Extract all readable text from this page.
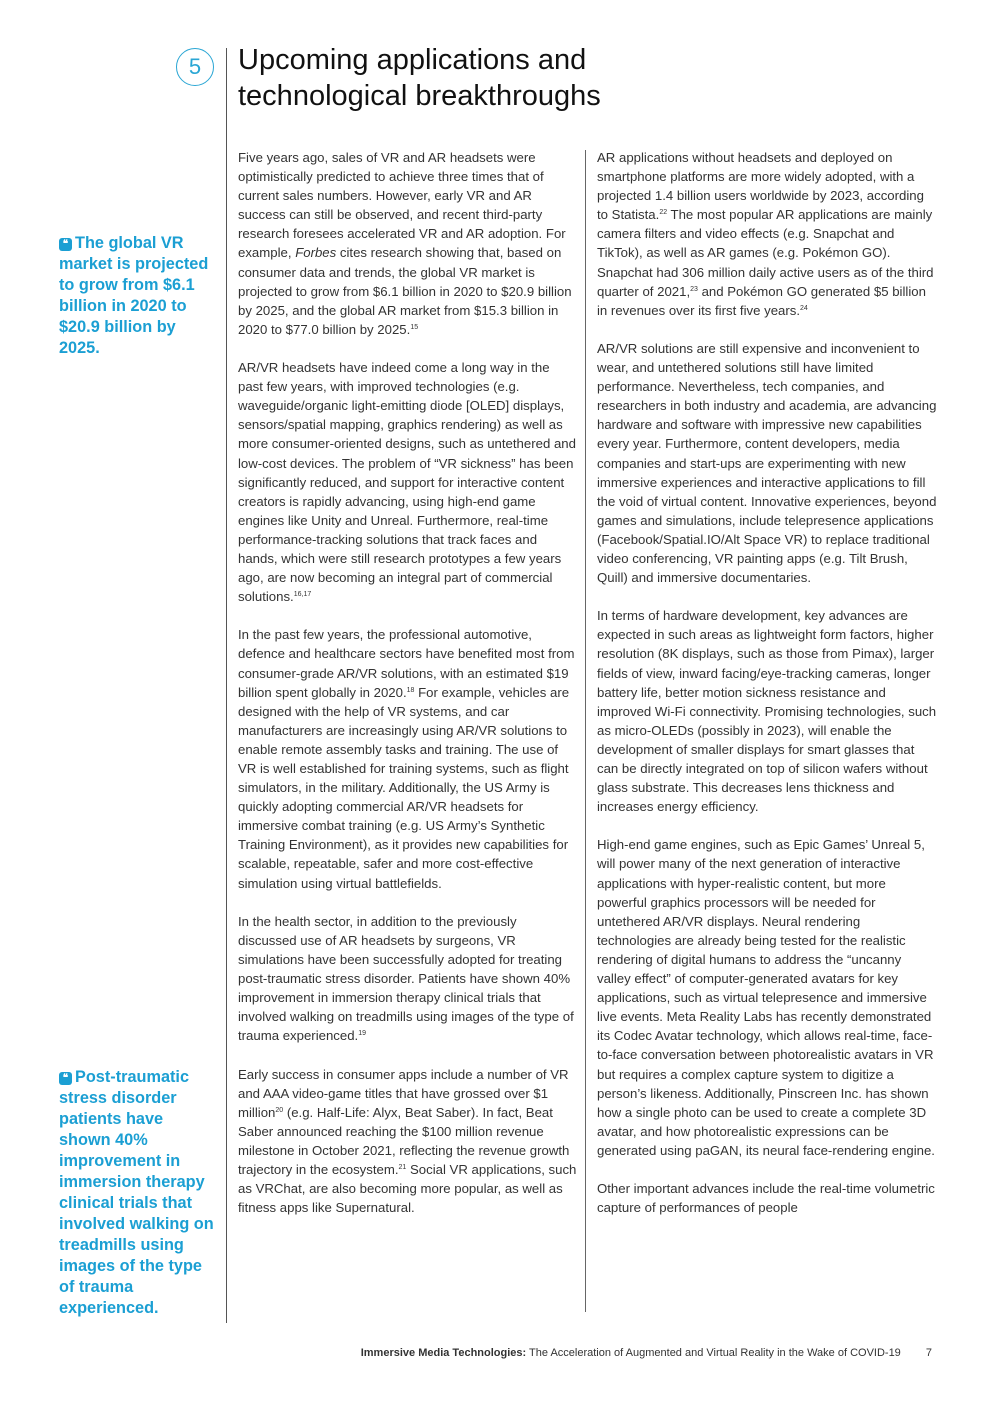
5	Upcoming applications and technological breakthroughs

❝ The global VR market is projected to grow from $6.1 billion in 2020 to $20.9 billion by 2025.

❝ Post-traumatic stress disorder patients have shown 40% improvement in immersion therapy clinical trials that involved walking on treadmills using images of the type of trauma experienced.

Five years ago, sales of VR and AR headsets were optimistically predicted to achieve three times that of current sales numbers. However, early VR and AR success can still be observed, and recent third-party research foresees accelerated VR and AR adoption. For example, Forbes cites research showing that, based on consumer data and trends, the global VR market is projected to grow from $6.1 billion in 2020 to $20.9 billion by 2025, and the global AR market from $15.3 billion in 2020 to $77.0 billion by 2025.15

AR/VR headsets have indeed come a long way in the past few years, with improved technologies (e.g. waveguide/organic light-emitting diode [OLED] displays, sensors/spatial mapping, graphics rendering) as well as more consumer-oriented designs, such as untethered and low-cost devices. The problem of “VR sickness” has been significantly reduced, and support for interactive content creators is rapidly advancing, using high-end game engines like Unity and Unreal. Furthermore, real-time performance-tracking solutions that track faces and hands, which were still research prototypes a few years ago, are now becoming an integral part of commercial solutions.$^{16,17}$

In the past few years, the professional automotive, defence and healthcare sectors have benefited most from consumer-grade AR/VR solutions, with an estimated $19 billion spent globally in 2020.18 For example, vehicles are designed with the help of VR systems, and car manufacturers are increasingly using AR/VR solutions to enable remote assembly tasks and training. The use of VR is well established for training systems, such as flight simulators, in the military. Additionally, the US Army is quickly adopting commercial AR/VR headsets for immersive combat training (e.g. US Army’s Synthetic Training Environment), as it provides new capabilities for scalable, repeatable, safer and more cost-effective simulation using virtual battlefields.

In the health sector, in addition to the previously discussed use of AR headsets by surgeons, VR simulations have been successfully adopted for treating post-traumatic stress disorder. Patients have shown 40% improvement in immersion therapy clinical trials that involved walking on treadmills using images of the type of trauma experienced.$^{19}$

Early success in consumer apps include a number of VR and AAA video-game titles that have grossed over $1 million$^{20}$ (e.g. Half-Life: Alyx, Beat Saber). In fact, Beat Saber announced reaching the $100 million revenue milestone in October 2021, reflecting the revenue growth trajectory in the ecosystem.$^{21}$ Social VR applications, such as VRChat, are also becoming more popular, as well as fitness apps like Supernatural.

AR applications without headsets and deployed on smartphone platforms are more widely adopted, with a projected 1.4 billion users worldwide by 2023, according to Statista.$^{22}$ The most popular AR applications are mainly camera filters and video effects (e.g. Snapchat and TikTok), as well as AR games (e.g. Pokémon GO). Snapchat had 306 million daily active users as of the third quarter of 2021,23 and Pokémon GO generated $5 billion in revenues over its first five years.$^{24}$

AR/VR solutions are still expensive and inconvenient to wear, and untethered solutions still have limited performance. Nevertheless, tech companies, and researchers in both industry and academia, are advancing hardware and software with impressive new capabilities every year. Furthermore, content developers, media companies and start-ups are experimenting with new immersive experiences and interactive applications to fill the void of virtual content. Innovative experiences, beyond games and simulations, include telepresence applications (Facebook/Spatial.IO/Alt Space VR) to replace traditional video conferencing, VR painting apps (e.g. Tilt Brush, Quill) and immersive documentaries.

In terms of hardware development, key advances are expected in such areas as lightweight form factors, higher resolution (8K displays, such as those from Pimax), larger fields of view, inward facing/eye-tracking cameras, longer battery life, better motion sickness resistance and improved Wi-Fi connectivity. Promising technologies, such as micro-OLEDs (possibly in 2023), will enable the development of smaller displays for smart glasses that can be directly integrated on top of silicon wafers without glass substrate. This decreases lens thickness and increases energy efficiency.

High-end game engines, such as Epic Games’ Unreal 5, will power many of the next generation of interactive applications with hyper-realistic content, but more powerful graphics processors will be needed for untethered AR/VR displays. Neural rendering technologies are already being tested for the realistic rendering of digital humans to address the “uncanny valley effect” of computer-generated avatars for key applications, such as virtual telepresence and immersive live events. Meta Reality Labs has recently demonstrated its Codec Avatar technology, which allows real-time, face-to-face conversation between photorealistic avatars in VR but requires a complex capture system to digitize a person’s likeness. Additionally, Pinscreen Inc. has shown how a single photo can be used to create a complete 3D avatar, and how photorealistic expressions can be generated using paGAN, its neural face-rendering engine.

Other important advances include the real-time volumetric capture of performances of people

Immersive Media Technologies: The Acceleration of Augmented and Virtual Reality in the Wake of COVID-19 7
